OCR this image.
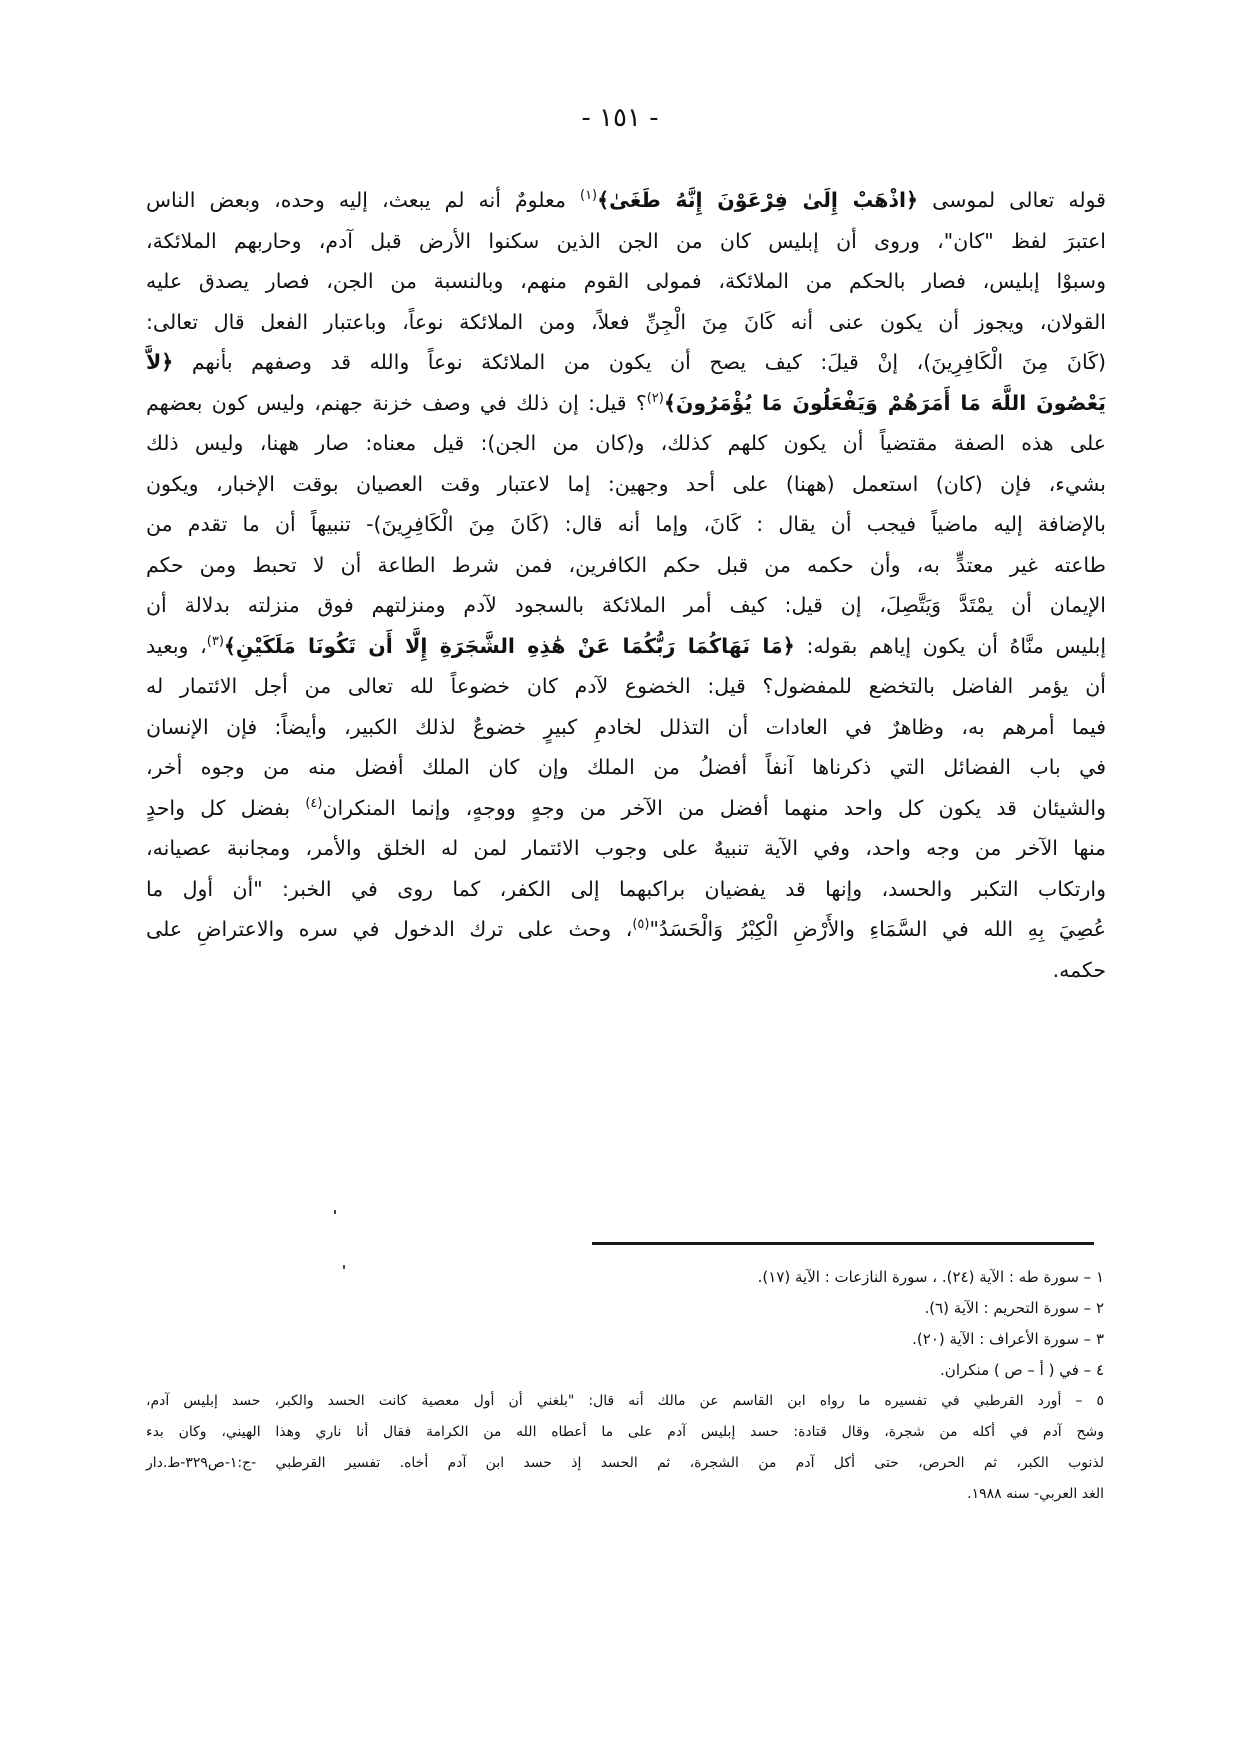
- ١٥١ -
قوله تعالى لموسى ﴿اذْهَبْ إِلَىٰ فِرْعَوْنَ إِنَّهُ طَغَىٰ﴾$^{(١)}$ معلومٌ أنه لم يبعث، إليه وحده، وبعض الناس
اعتبرَ لفظ "كان"، وروى أن إبليس كان من الجن الذين سكنوا الأرض قبل آدم، وحاربهم الملائكة،
وسبوْا إبليس، فصار بالحكم من الملائكة، فمولى القوم منهم، وبالنسبة من الجن، فصار يصدق عليه
القولان، ويجوز أن يكون عنى أنه كَانَ مِنَ الْجِنِّ فعلاً، ومن الملائكة نوعاً، وباعتبار الفعل قال تعالى:
(كَانَ مِنَ الْكَافِرِينَ)، إنْ قيلَ: كيف يصح أن يكون من الملائكة نوعاً والله قد وصفهم بأنهم ﴿لاَّ
يَعْصُونَ اللَّهَ مَا أَمَرَهُمْ وَيَفْعَلُونَ مَا يُؤْمَرُونَ﴾$^{(٢)}$؟ قيل: إن ذلك في وصف خزنة جهنم، وليس كون بعضهم
على هذه الصفة مقتضياً أن يكون كلهم كذلك، و(كان من الجن): قيل معناه: صار ههنا، وليس ذلك
بشيء، فإن (كان) استعمل (ههنا) على أحد وجهين: إما لاعتبار وقت العصيان بوقت الإخبار، ويكون
بالإضافة إليه ماضياً فيجب أن يقال : كَانَ، وإما أنه قال: (كَانَ مِنَ الْكَافِرِينَ)- تنبيهاً أن ما تقدم من
طاعته غير معتدٍّ به، وأن حكمه من قبل حكم الكافرين، فمن شرط الطاعة أن لا تحبط ومن حكم
الإيمان أن يمْتَدَّ وَيَتَّصِلَ، إن قيل: كيف أمر الملائكة بالسجود لآدم ومنزلتهم فوق منزلته بدلالة أن
إبليس منَّاهُ أن يكون إياهم بقوله: ﴿مَا نَهَاكُمَا رَبُّكُمَا عَنْ هَٰذِهِ الشَّجَرَةِ إِلَّا أَن تَكُونَا مَلَكَيْنِ﴾$^{(٣)}$، وبعيد
أن يؤمر الفاضل بالتخضع للمفضول؟ قيل: الخضوع لآدم كان خضوعاً لله تعالى من أجل الائتمار له
فيما أمرهم به، وظاهرٌ في العادات أن التذلل لخادمِ كبيرٍ خضوعٌ لذلك الكبير، وأيضاً: فإن الإنسان
في باب الفضائل التي ذكرناها آنفاً أفضلُ من الملك وإن كان الملك أفضل منه من وجوه أخر،
والشيئان قد يكون كل واحد منهما أفضل من الآخر من وجهٍ ووجهٍ، وإنما المنكران$^{(٤)}$ بفضل كل واحدٍ
منها الآخر من وجه واحد، وفي الآية تنبيهٌ على وجوب الائتمار لمن له الخلق والأمر، ومجانبة عصيانه،
وارتكاب التكبر والحسد، وإنها قد يفضيان براكبهما إلى الكفر، كما روى في الخبر: "أن أول ما
عُصِيَ بِهِ الله في السَّمَاءِ والأَرْضِ الْكِبْرُ وَالْحَسَدُ"$^{(٥)}$، وحث على ترك الدخول في سره والاعتراضِ على
حكمه.
١ – سورة طه : الآية (٢٤). ، سورة النازعات : الآية (١٧).
٢ – سورة التحريم : الآية (٦).
٣ – سورة الأعراف : الآية (٢٠).
٤ – في ( أ – ص ) منكران.
٥ – أورد القرطبي في تفسيره ما رواه ابن القاسم عن مالك أنه قال: "بلغني أن أول معصية كانت الحسد والكبر، حسد إبليس آدم،
وشح آدم في أكله من شجرة، وقال قتادة: حسد إبليس آدم على ما أعطاه الله من الكرامة فقال أنا ناري وهذا الهيني، وكان بدء
لذنوب الكبر، ثم الحرص، حتى أكل آدم من الشجرة، ثم الحسد إذ حسد ابن آدم أخاه. تفسير القرطبي -ج:١-ص٣٢٩-ط.دار
الغد العربي- سنه ١٩٨٨.
